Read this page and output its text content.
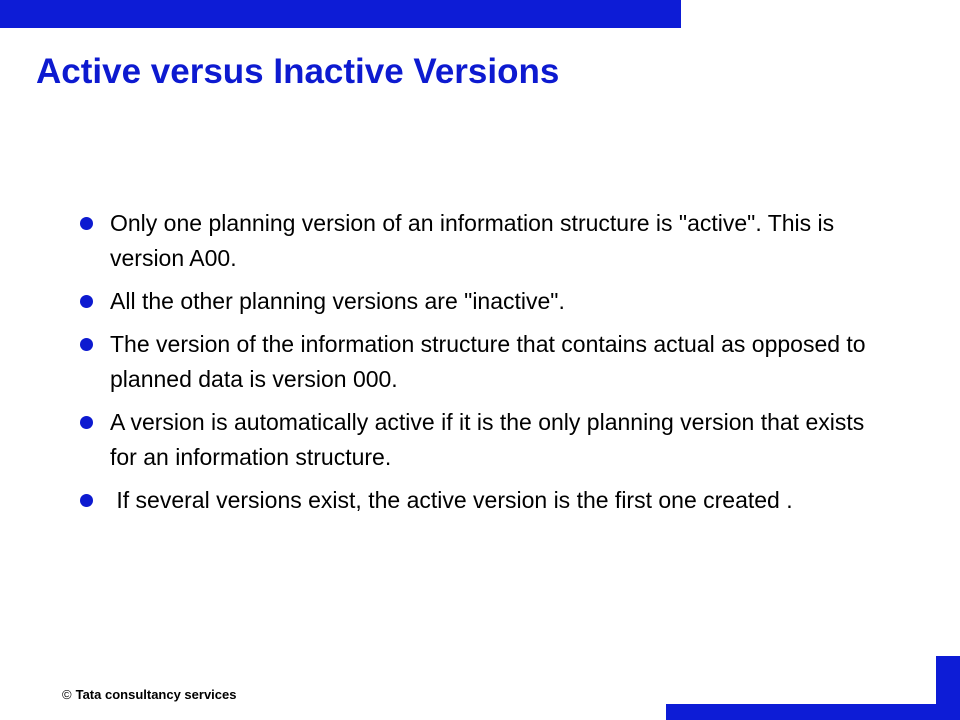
Active versus Inactive Versions
Only one planning version of an information structure is "active". This is version A00.
All the other planning versions are "inactive".
The version of the information structure that contains actual as opposed to planned data is version 000.
A version is automatically active if it is the only planning version that exists for an information structure.
If several versions exist, the active version is the first one created .
© Tata consultancy services
